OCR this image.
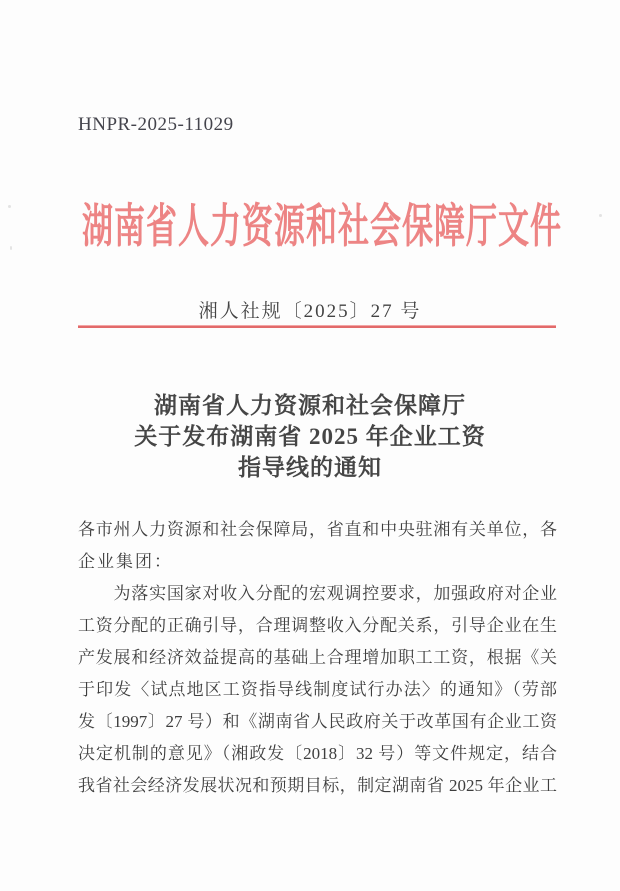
HNPR-2025-11029
湖南省人力资源和社会保障厅文件
湘人社规〔2025〕27 号
湖南省人力资源和社会保障厅
关于发布湖南省 2025 年企业工资
指导线的通知
各市州人力资源和社会保障局，省直和中央驻湘有关单位，各
企业集团：
　　为落实国家对收入分配的宏观调控要求，加强政府对企业
工资分配的正确引导，合理调整收入分配关系，引导企业在生
产发展和经济效益提高的基础上合理增加职工工资，根据《关
于印发〈试点地区工资指导线制度试行办法〉的通知》（劳部
发〔1997〕27 号）和《湖南省人民政府关于改革国有企业工资
决定机制的意见》（湘政发〔2018〕32 号）等文件规定，结合
我省社会经济发展状况和预期目标，制定湖南省 2025 年企业工
